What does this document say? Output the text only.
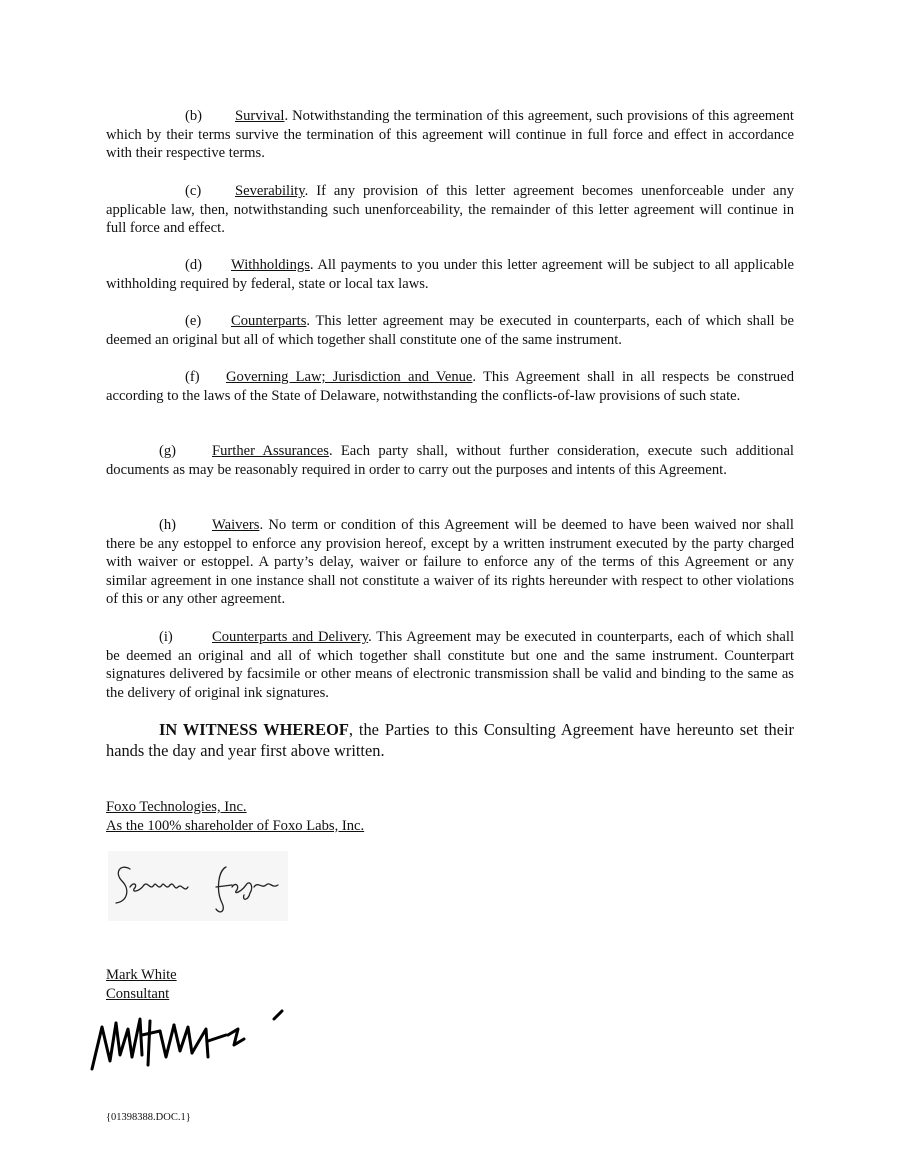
(b) Survival. Notwithstanding the termination of this agreement, such provisions of this agreement which by their terms survive the termination of this agreement will continue in full force and effect in accordance with their respective terms.

(c) Severability. If any provision of this letter agreement becomes unenforceable under any applicable law, then, notwithstanding such unenforceability, the remainder of this letter agreement will continue in full force and effect.

(d) Withholdings. All payments to you under this letter agreement will be subject to all applicable withholding required by federal, state or local tax laws.

(e) Counterparts. This letter agreement may be executed in counterparts, each of which shall be deemed an original but all of which together shall constitute one of the same instrument.

(f) Governing Law; Jurisdiction and Venue. This Agreement shall in all respects be construed according to the laws of the State of Delaware, notwithstanding the conflicts-of-law provisions of such state.

(g) Further Assurances. Each party shall, without further consideration, execute such additional documents as may be reasonably required in order to carry out the purposes and intents of this Agreement.

(h) Waivers. No term or condition of this Agreement will be deemed to have been waived nor shall there be any estoppel to enforce any provision hereof, except by a written instrument executed by the party charged with waiver or estoppel. A party’s delay, waiver or failure to enforce any of the terms of this Agreement or any similar agreement in one instance shall not constitute a waiver of its rights hereunder with respect to other violations of this or any other agreement.

(i)	Counterparts and Delivery. This Agreement may be executed in counterparts, each of which shall be deemed an original and all of which together shall constitute but one and the same instrument. Counterpart signatures delivered by facsimile or other means of electronic transmission shall be valid and binding to the same as the delivery of original ink signatures.

IN WITNESS WHEREOF, the Parties to this Consulting Agreement have hereunto set their hands the day and year first above written.

Foxo Technologies, Inc.
As the 100% shareholder of Foxo Labs, Inc.
Mark White
Consultant
{01398388.DOC.1}
